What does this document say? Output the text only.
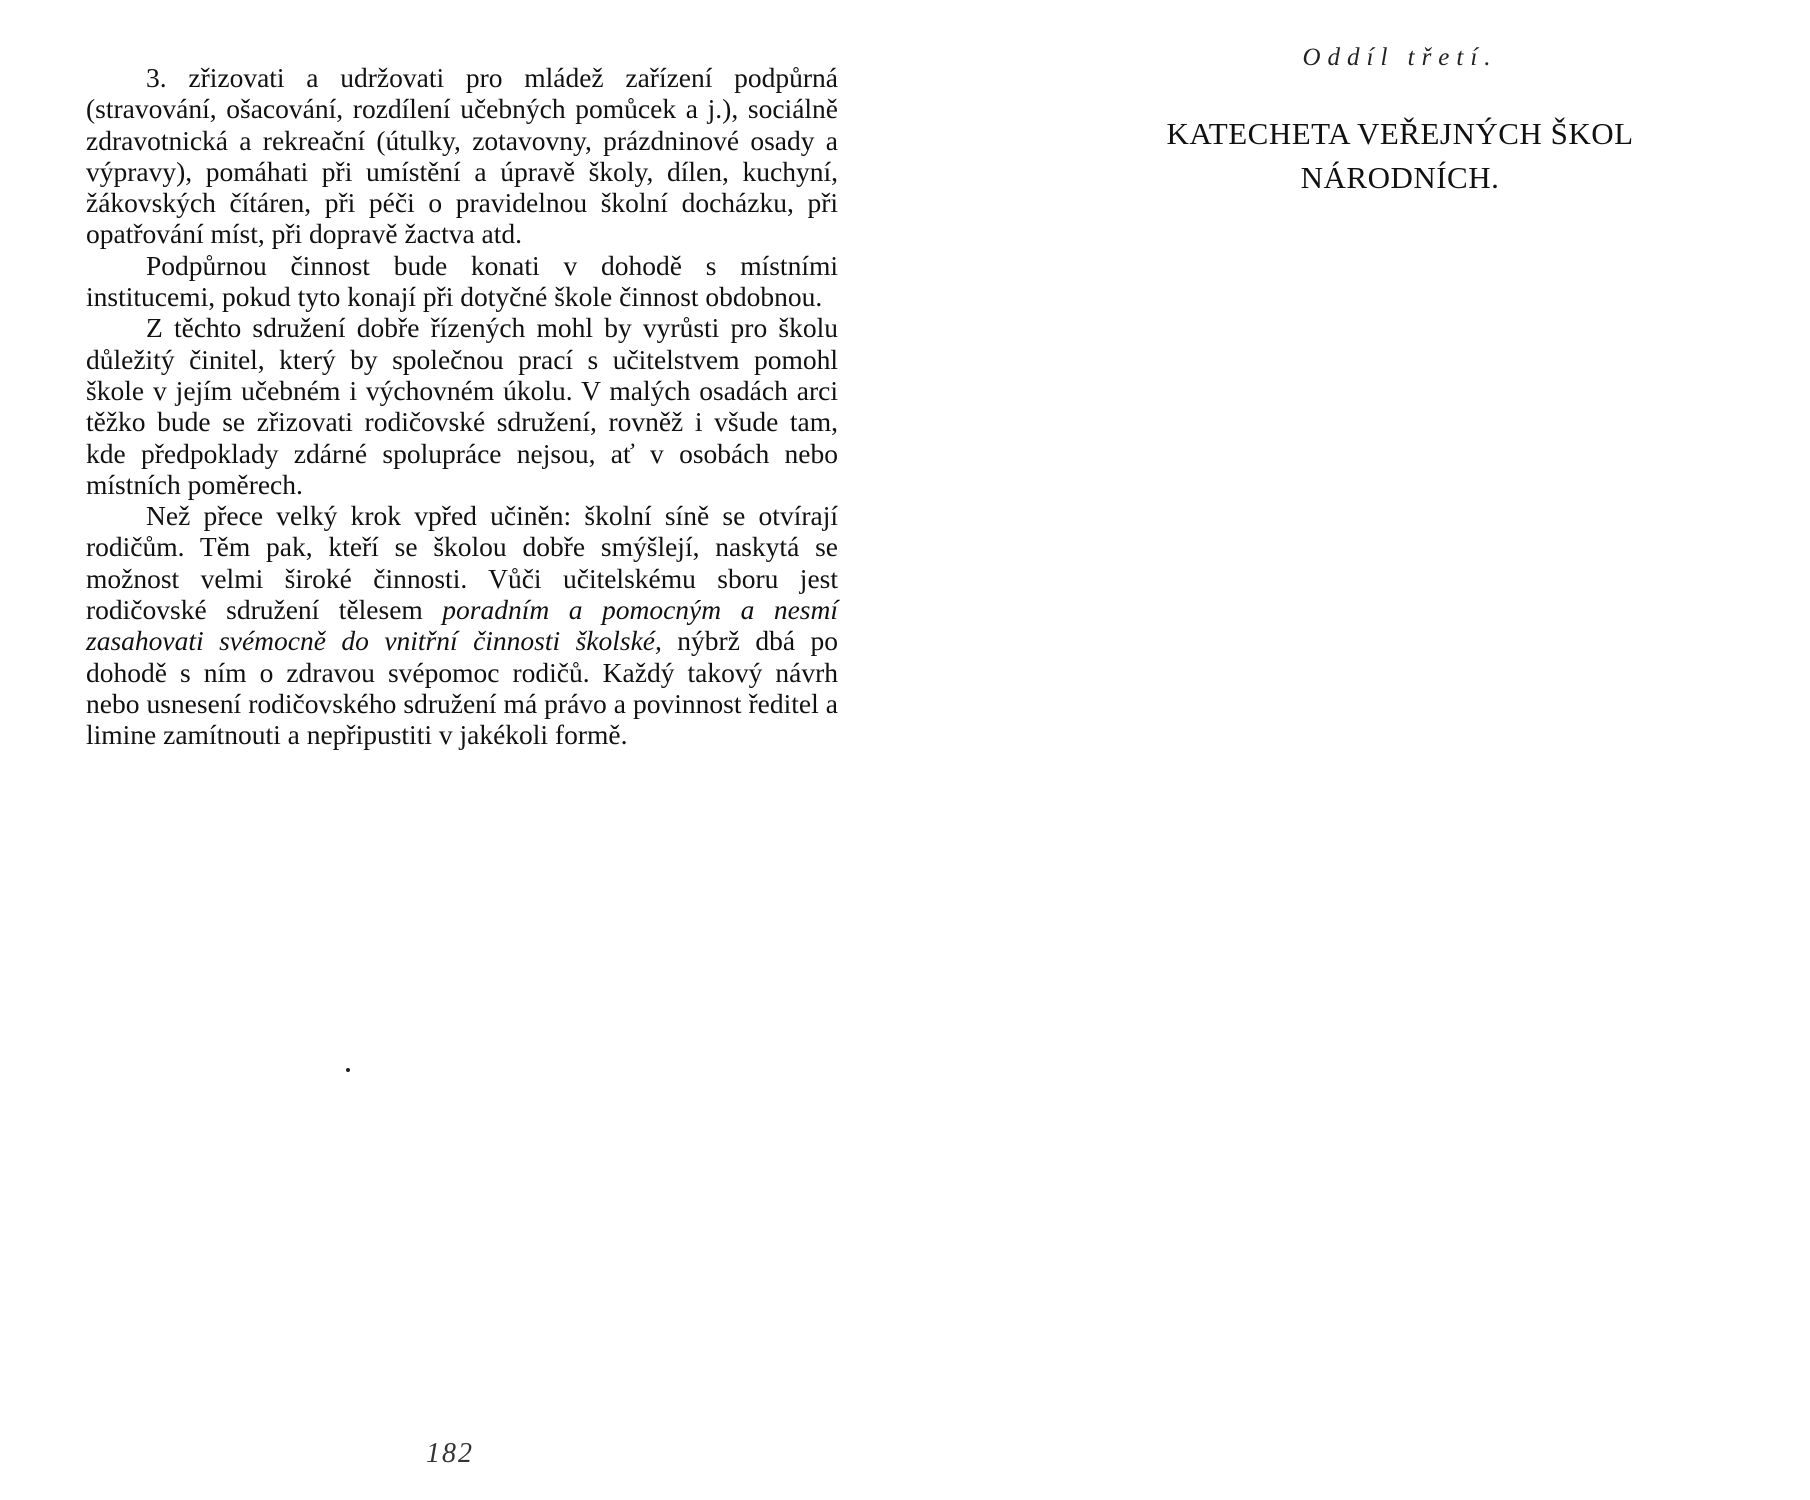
3. zřizovati a udržovati pro mládež zařízení podpůrná (stravování, ošacování, rozdílení učebných pomůcek a j.), sociálně zdravotnická a rekreační (útulky, zotavovny, prázdninové osady a výpravy), pomáhati při umístění a úpravě školy, dílen, kuchyní, žákovských čítáren, při péči o pravidelnou školní docházku, při opatřování míst, při dopravě žactva atd.

Podpůrnou činnost bude konati v dohodě s místními institucemi, pokud tyto konají při dotyčné škole činnost obdobnou.

Z těchto sdružení dobře řízených mohl by vyrůsti pro školu důležitý činitel, který by společnou prací s učitelstvem pomohl škole v jejím učebném i výchovném úkolu. V malých osadách arci těžko bude se zřizovati rodičovské sdružení, rovněž i všude tam, kde předpoklady zdárné spolupráce nejsou, ať v osobách nebo místních poměrech.

Než přece velký krok vpřed učiněn: školní síně se otvírají rodičům. Těm pak, kteří se školou dobře smýšlejí, naskytá se možnost velmi široké činnosti. Vůči učitelskému sboru jest rodičovské sdružení tělesem poradním a pomocným a nesmí zasahovati svémocně do vnitřní činnosti školské, nýbrž dbá po dohodě s ním o zdravou svépomoc rodičů. Každý takový návrh nebo usnesení rodičovského sdružení má právo a povinnost ředitel a limine zamítnouti a nepřipustiti v jakékoli formě.

182

Oddíl třetí.

KATECHETA VEŘEJNÝCH ŠKOL
NÁRODNÍCH.
